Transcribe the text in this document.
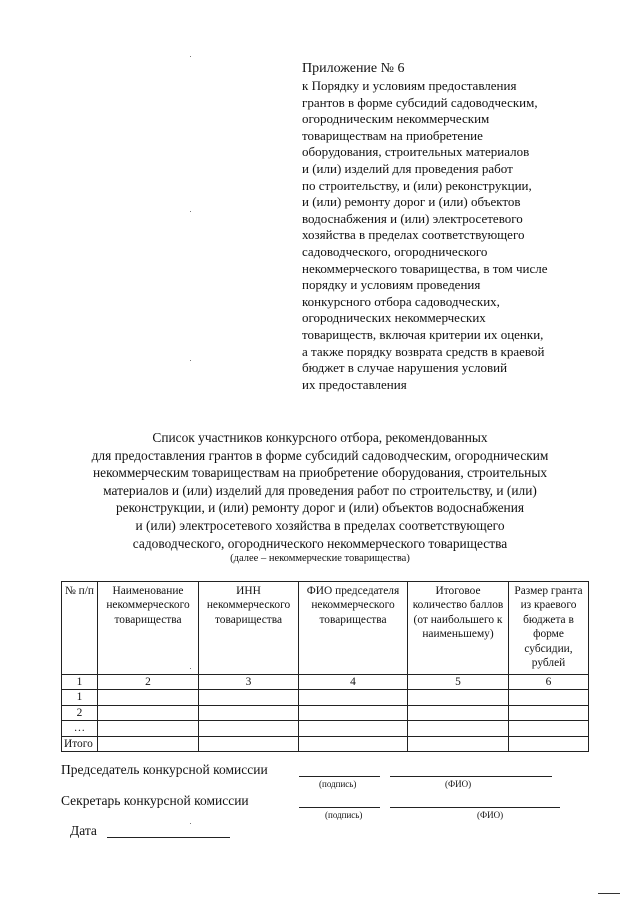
Приложение № 6
к Порядку и условиям предоставления
грантов в форме субсидий садоводческим,
огородническим некоммерческим
товариществам на приобретение
оборудования, строительных материалов
и (или) изделий для проведения работ
по строительству, и (или) реконструкции,
и (или) ремонту дорог и (или) объектов
водоснабжения и (или) электросетевого
хозяйства в пределах соответствующего
садоводческого, огороднического
некоммерческого товарищества, в том числе
порядку и условиям проведения
конкурсного отбора садоводческих,
огороднических некоммерческих
товариществ, включая критерии их оценки,
а также порядку возврата средств в краевой
бюджет в случае нарушения условий
их предоставления
Список участников конкурсного отбора, рекомендованных
для предоставления грантов в форме субсидий садоводческим, огородническим
некоммерческим товариществам на приобретение оборудования, строительных
материалов и (или) изделий для проведения работ по строительству, и (или)
реконструкции, и (или) ремонту дорог и (или) объектов водоснабжения
и (или) электросетевого хозяйства в пределах соответствующего
садоводческого, огороднического некоммерческого товарищества
(далее – некоммерческие товарищества)
№ п/п	Наименование некоммерческого товарищества	ИНН некоммерческого товарищества	ФИО председателя некоммерческого товарищества	Итоговое количество баллов (от наибольшего к наименьшему)	Размер гранта из краевого бюджета в форме субсидии, рублей
1	2	3	4	5	6
1					
2					
…					
Итого					
Председатель конкурсной комиссии
(подпись)	(ФИО)
Секретарь конкурсной комиссии
(подпись)	(ФИО)
Дата
